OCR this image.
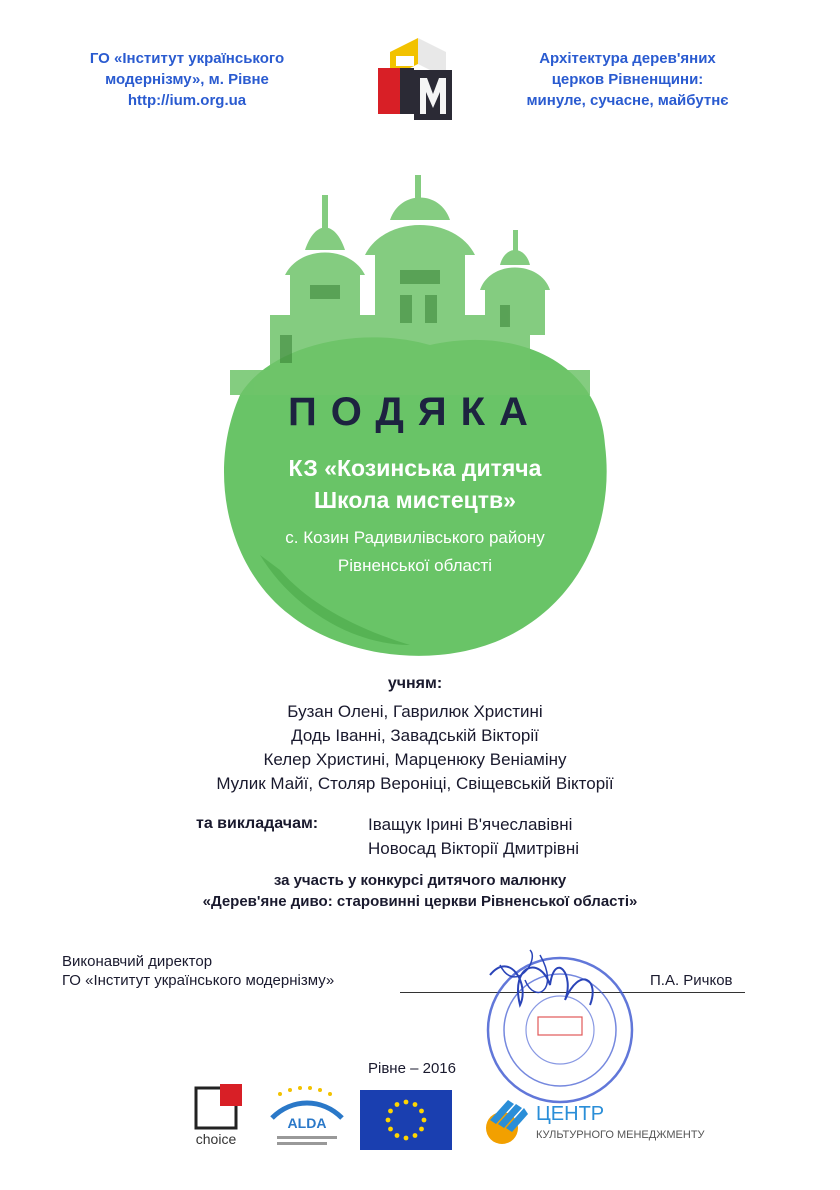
ГО «Інститут українського
модернізму», м. Рівне
http://ium.org.ua
Архітектура дерев'яних
церков Рівненщини:
минуле, сучасне, майбутнє
ПОДЯКА
КЗ «Козинська дитяча
Школа мистецтв»
с. Козин Радивилівського району
Рівненської області
учням:
Бузан Олені, Гаврилюк Христині
Додь Іванні, Завадській Вікторії
Келер Христині, Марценюку Веніаміну
Мулик Майї, Столяр Вероніці, Свіщевській Вікторії
та викладачам:	Іващук Ірині В'ячеславівні
Новосад Вікторії Дмитрівні
за участь у конкурсі дитячого малюнку
«Дерев'яне диво: старовинні церкви Рівненської області»
Виконавчий директор
ГО «Інститут українського модернізму»	П.А. Ричков
Рівне – 2016
choice
ALDA	ЦЕНТР
КУЛЬТУРНОГО МЕНЕДЖМЕНТУ
